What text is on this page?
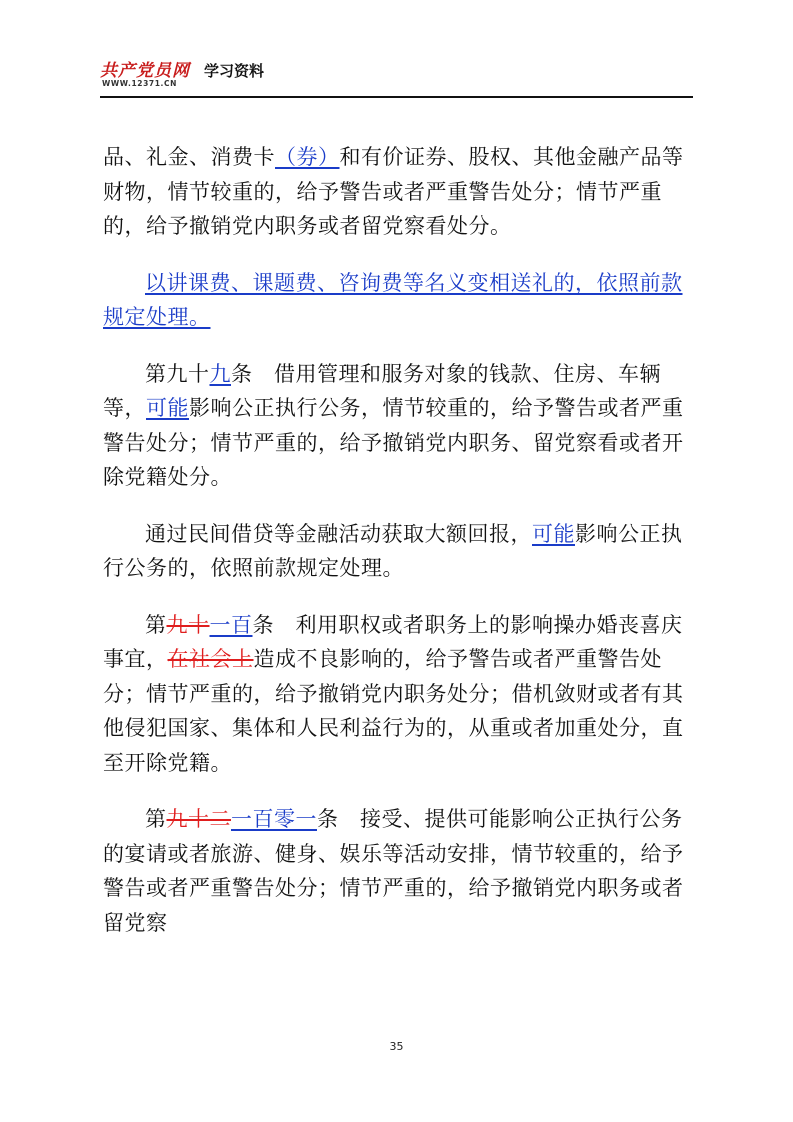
共产党员网
WWW.12371.CN
学习资料

品、礼金、消费卡（券）和有价证券、股权、其他金融产品等财物，情节较重的，给予警告或者严重警告处分；情节严重的，给予撤销党内职务或者留党察看处分。

以讲课费、课题费、咨询费等名义变相送礼的，依照前款规定处理。

第九十九条　借用管理和服务对象的钱款、住房、车辆等，可能影响公正执行公务，情节较重的，给予警告或者严重警告处分；情节严重的，给予撤销党内职务、留党察看或者开除党籍处分。

通过民间借贷等金融活动获取大额回报，可能影响公正执行公务的，依照前款规定处理。

第九十一百条　利用职权或者职务上的影响操办婚丧喜庆事宜，在社会上造成不良影响的，给予警告或者严重警告处分；情节严重的，给予撤销党内职务处分；借机敛财或者有其他侵犯国家、集体和人民利益行为的，从重或者加重处分，直至开除党籍。

第九十二一百零一条　接受、提供可能影响公正执行公务的宴请或者旅游、健身、娱乐等活动安排，情节较重的，给予警告或者严重警告处分；情节严重的，给予撤销党内职务或者留党察

35
